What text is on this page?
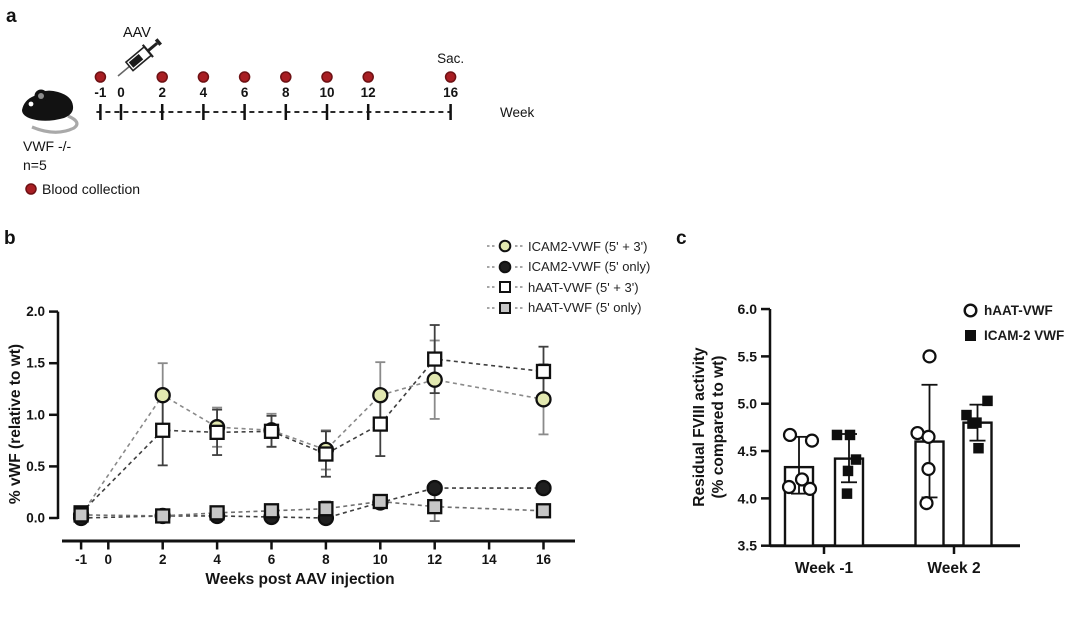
a
b	c
-1 0 2 4 6 8 10 12	16
AAV
Sac.
Week
VWF -/-
n=5
Blood collection
0.0
0.5
1.0
1.5
2.0
-1 0	2	4	6	8	10	12	14	16
Weeks post AAV injection
% vWF (relative to wt)
3.5
4.0
4.5
5.0
5.5
6.0
Week -1	Week 2
Residual FVIII activity (% compared to wt)
ICAM2-VWF (5' + 3')
ICAM2-VWF (5' only)
hAAT-VWF (5' + 3')
hAAT-VWF (5' only)	hAAT-VWF
ICAM-2 VWF
